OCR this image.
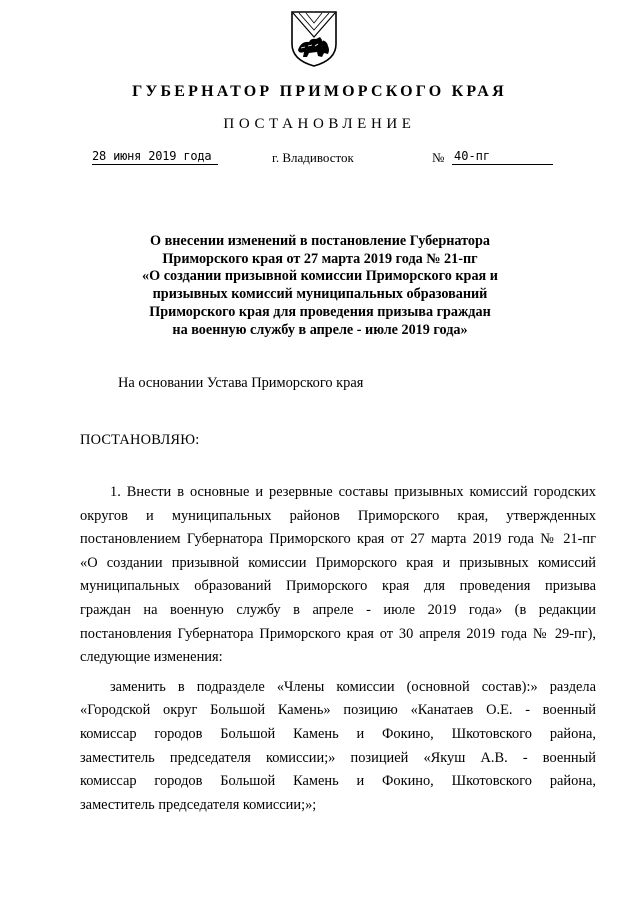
ГУБЕРНАТОР ПРИМОРСКОГО КРАЯ
ПОСТАНОВЛЕНИЕ
28 июня 2019 года	г. Владивосток	№ 40-пг
О внесении изменений в постановление Губернатора
Приморского края от 27 марта 2019 года № 21-пг
«О создании призывной комиссии Приморского края и
призывных комиссий муниципальных образований
Приморского края для проведения призыва граждан
на военную службу в апреле - июле 2019 года»
На основании Устава Приморского края
ПОСТАНОВЛЯЮ:
1. Внести в основные и резервные составы призывных комиссий городских
округов и муниципальных районов Приморского края, утвержденных
постановлением Губернатора Приморского края от 27 марта 2019 года № 21-пг
«О создании призывной комиссии Приморского края и призывных комиссий
муниципальных образований Приморского края для проведения призыва
граждан на военную службу в апреле - июле 2019 года» (в редакции
постановления Губернатора Приморского края от 30 апреля 2019 года № 29-пг),
следующие изменения:
заменить в подразделе «Члены комиссии (основной состав):» раздела
«Городской округ Большой Камень» позицию «Канатаев О.Е. - военный
комиссар городов Большой Камень и Фокино, Шкотовского района,
заместитель председателя комиссии;» позицией «Якуш А.В. - военный
комиссар городов Большой Камень и Фокино, Шкотовского района,
заместитель председателя комиссии;»;
